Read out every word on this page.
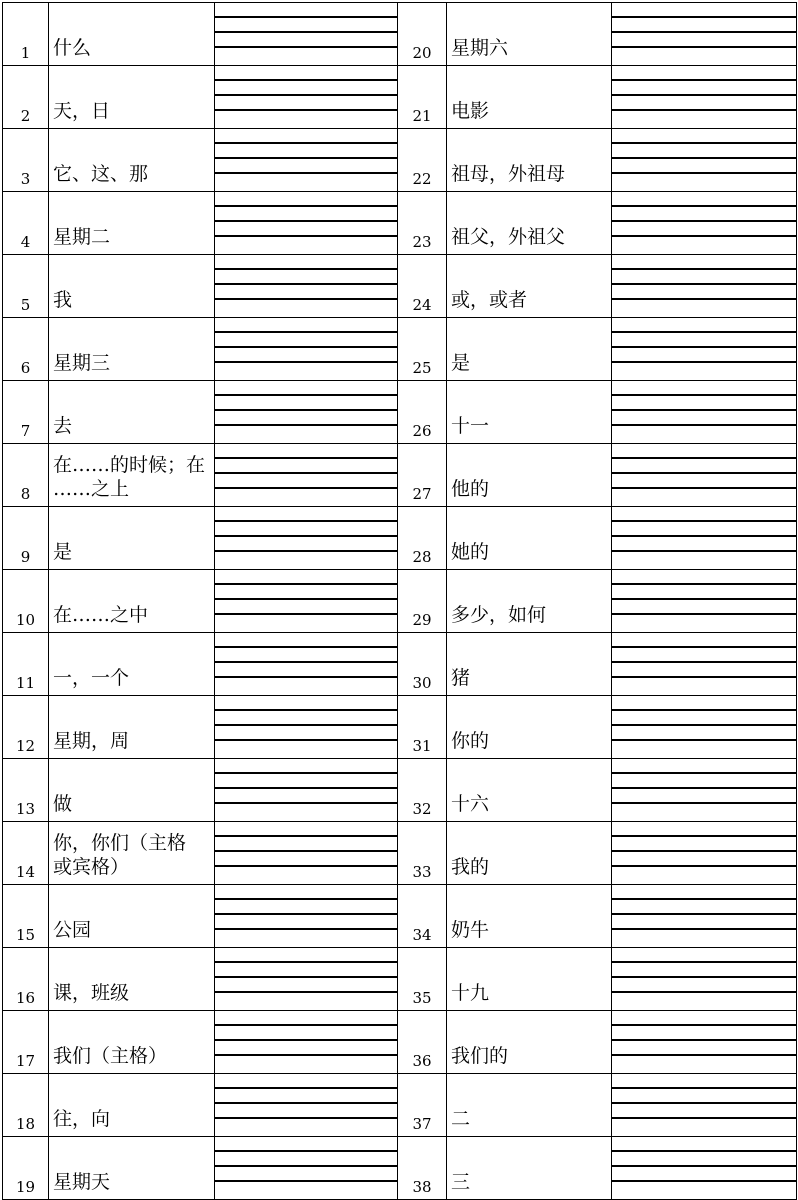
1	什么		20	星期六	

2	天，日		21	电影	

3	它、这、那		22	祖母，外祖母	

4	星期二		23	祖父，外祖父	

5	我		24	或，或者	

6	星期三		25	是	

7	去		26	十一	

8	在……的时候；在
……之上		27	他的	

9	是		28	她的	

10	在……之中		29	多少，如何	

11	一，一个		30	猪	

12	星期，周		31	你的	

13	做		32	十六	

14	你，你们（主格
或宾格）		33	我的	

15	公园		34	奶牛	

16	课，班级		35	十九	

17	我们（主格）		36	我们的	

18	往，向		37	二	

19	星期天		38	三	
